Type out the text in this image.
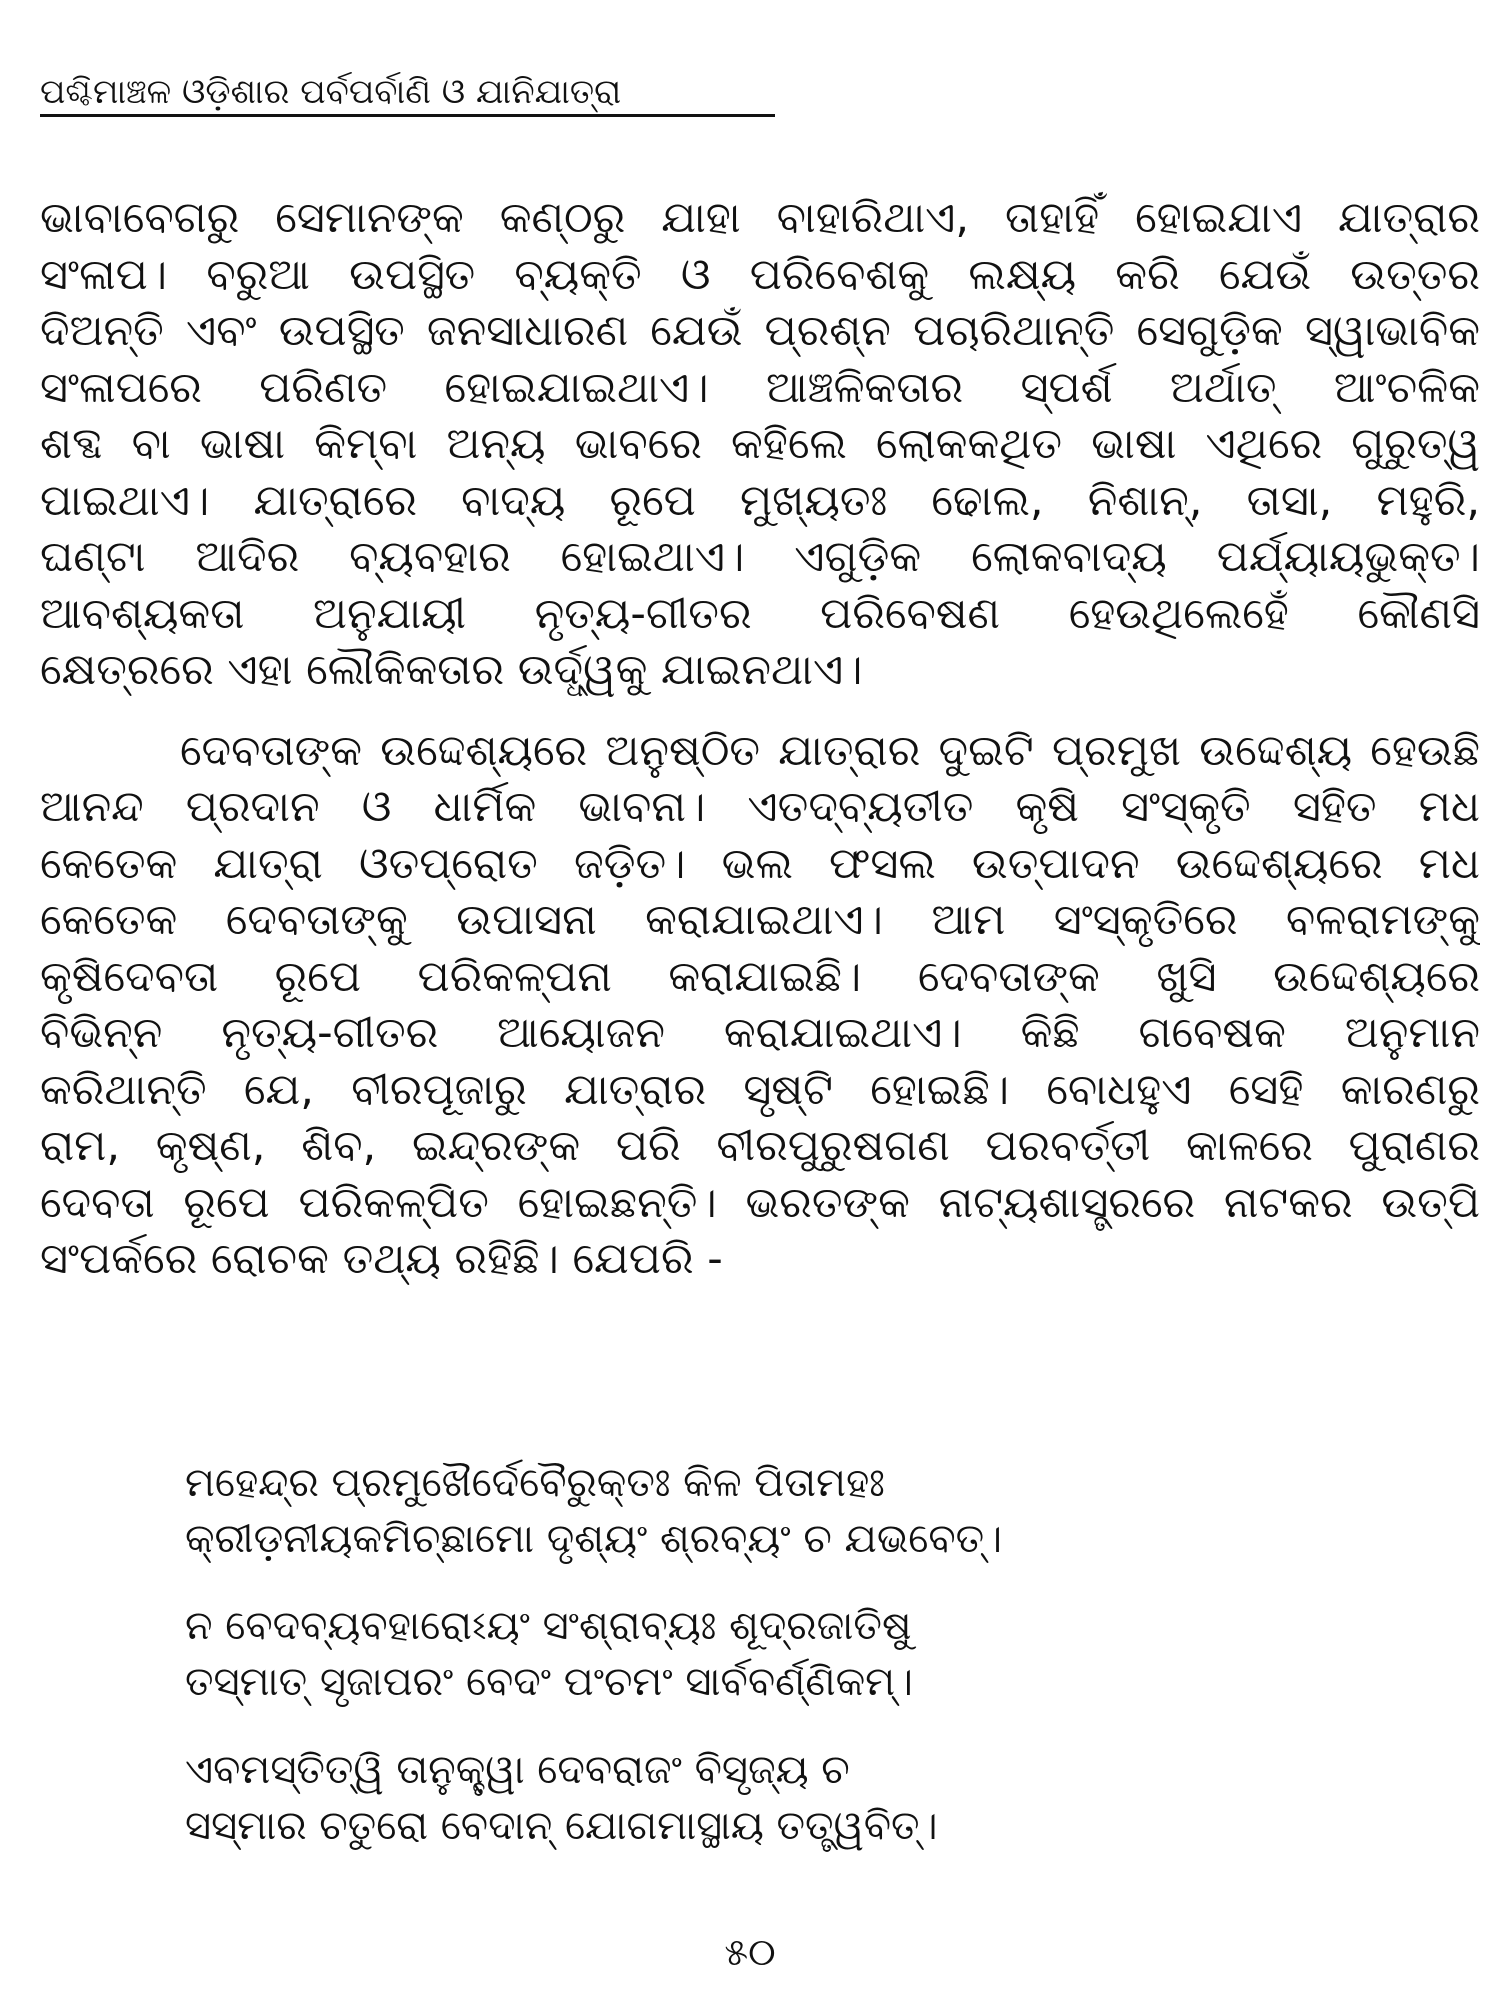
ପଶ୍ଚିମାଞ୍ଚଳ ଓଡ଼ିଶାର ପର୍ବପର୍ବାଣି ଓ ଯାନିଯାତ୍ରା

ଭାବାବେଗରୁ ସେମାନଙ୍କ କଣ୍ଠରୁ ଯାହା ବାହାରିଥାଏ, ତାହାହିଁ ହୋଇଯାଏ ଯାତ୍ରାର
ସଂଳାପ। ବରୁଆ ଉପସ୍ଥିତ ବ୍ୟକ୍ତି ଓ ପରିବେଶକୁ ଲକ୍ଷ୍ୟ କରି ଯେଉଁ ଉତ୍ତର
ଦିଅନ୍ତି ଏବଂ ଉପସ୍ଥିତ ଜନସାଧାରଣ ଯେଉଁ ପ୍ରଶ୍ନ ପଚାରିଥାନ୍ତି ସେଗୁଡ଼ିକ ସ୍ୱାଭାବିକ
ସଂଳାପରେ ପରିଣତ ହୋଇଯାଇଥାଏ। ଆଞ୍ଚଳିକତାର ସ୍ପର୍ଶ ଅର୍ଥାତ୍ ଆଂଚଳିକ
ଶବ୍ଦ ବା ଭାଷା କିମ୍ବା ଅନ୍ୟ ଭାବରେ କହିଲେ ଲୋକକଥିତ ଭାଷା ଏଥିରେ ଗୁରୁତ୍ୱ
ପାଇଥାଏ। ଯାତ୍ରାରେ ବାଦ୍ୟ ରୂପେ ମୁଖ୍ୟତଃ ଢୋଲ, ନିଶାନ୍, ତାସା, ମହୁରି,
ଘଣ୍ଟା ଆଦିର ବ୍ୟବହାର ହୋଇଥାଏ। ଏଗୁଡ଼ିକ ଲୋକବାଦ୍ୟ ପର୍ଯ୍ୟାୟଭୁକ୍ତ।
ଆବଶ୍ୟକତା ଅନୁଯାୟୀ ନୃତ୍ୟ-ଗୀତର ପରିବେଷଣ ହେଉଥିଲେହେଁ କୌଣସି
କ୍ଷେତ୍ରରେ ଏହା ଲୌକିକତାର ଉର୍ଦ୍ଧ୍ୱକୁ ଯାଇନଥାଏ।

ଦେବତାଙ୍କ ଉଦ୍ଦେଶ୍ୟରେ ଅନୁଷ୍ଠିତ ଯାତ୍ରାର ଦୁଇଟି ପ୍ରମୁଖ ଉଦ୍ଦେଶ୍ୟ ହେଉଛି
ଆନନ୍ଦ ପ୍ରଦାନ ଓ ଧାର୍ମିକ ଭାବନା। ଏତଦ୍‌ବ୍ୟତୀତ କୃଷି ସଂସ୍କୃତି ସହିତ ମଧ
କେତେକ ଯାତ୍ରା ଓତପ୍ରୋତ ଜଡ଼ିତ। ଭଲ ଫସଲ ଉତ୍ପାଦନ ଉଦ୍ଦେଶ୍ୟରେ ମଧ
କେତେକ ଦେବତାଙ୍କୁ ଉପାସନା କରାଯାଇଥାଏ। ଆମ ସଂସ୍କୃତିରେ ବଳରାମଙ୍କୁ
କୃଷିଦେବତା ରୂପେ ପରିକଳ୍ପନା କରାଯାଇଛି। ଦେବତାଙ୍କ ଖୁସି ଉଦ୍ଦେଶ୍ୟରେ
ବିଭିନ୍ନ ନୃତ୍ୟ-ଗୀତର ଆୟୋଜନ କରାଯାଇଥାଏ। କିଛି ଗବେଷକ ଅନୁମାନ
କରିଥାନ୍ତି ଯେ, ବୀରପୂଜାରୁ ଯାତ୍ରାର ସୃଷ୍ଟି ହୋଇଛି। ବୋଧହୁଏ ସେହି କାରଣରୁ
ରାମ, କୃଷ୍ଣ, ଶିବ, ଇନ୍ଦ୍ରଙ୍କ ପରି ବୀରପୁରୁଷଗଣ ପରବର୍ତ୍ତୀ କାଳରେ ପୁରାଣର
ଦେବତା ରୂପେ ପରିକଳ୍ପିତ ହୋଇଛନ୍ତି। ଭରତଙ୍କ ନାଟ୍ୟଶାସ୍ତ୍ରରେ ନାଟକର ଉତ୍ପି
ସଂପର୍କରେ ରୋଚକ ତଥ୍ୟ ରହିଛି। ଯେପରି -

ମହେନ୍ଦ୍ର ପ୍ରମୁଖୈର୍ଦେବୈରୁକ୍ତଃ କିଳ ପିତାମହଃ
କ୍ରୀଡ଼ନୀୟକମିଚ୍ଛାମୋ ଦୃଶ୍ୟଂ ଶ୍ରବ୍ୟଂ ଚ ଯଭବେତ୍।
ନ ବେଦବ୍ୟବହାରୋଽୟଂ ସଂଶ୍ରାବ୍ୟଃ ଶୂଦ୍ରଜାତିଷୁ
ତସ୍ମାତ୍ ସୃଜାପରଂ ବେଦଂ ପଂଚମଂ ସାର୍ବବର୍ଣ୍ଣିକମ୍।
ଏବମସ୍ତିତ୍ୱି ତାନୁକ୍ତ୍ୱା ଦେବରାଜଂ ବିସୃଜ୍ୟ ଚ
ସସ୍ମାର ଚତୁରୋ ବେଦାନ୍ ଯୋଗମାସ୍ଥାୟ ତତ୍ତ୍ୱବିତ୍।
୫୦
